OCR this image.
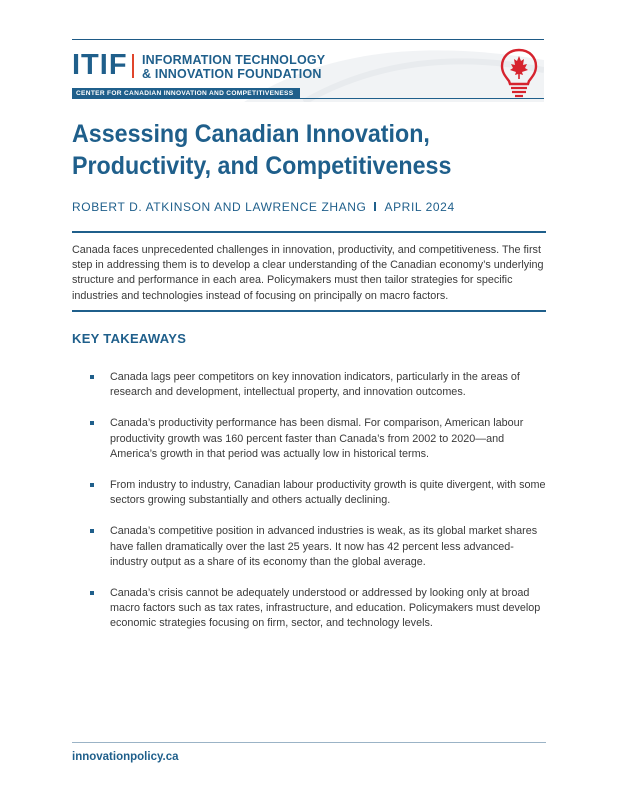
ITIF INFORMATION TECHNOLOGY
& INNOVATION FOUNDATION
CENTER FOR CANADIAN INNOVATION AND COMPETITIVENESS
Assessing Canadian Innovation,
Productivity, and Competitiveness
ROBERT D. ATKINSON AND LAWRENCE ZHANG APRIL 2024

Canada faces unprecedented challenges in innovation, productivity, and competitiveness. The first step in addressing them is to develop a clear understanding of the Canadian economy’s underlying structure and performance in each area. Policymakers must then tailor strategies for specific industries and technologies instead of focusing on principally on macro factors.

KEY TAKEAWAYS
Canada lags peer competitors on key innovation indicators, particularly in the areas of research and development, intellectual property, and innovation outcomes.
Canada’s productivity performance has been dismal. For comparison, American labour productivity growth was 160 percent faster than Canada’s from 2002 to 2020—and America’s growth in that period was actually low in historical terms.
From industry to industry, Canadian labour productivity growth is quite divergent, with some sectors growing substantially and others actually declining.
Canada’s competitive position in advanced industries is weak, as its global market shares have fallen dramatically over the last 25 years. It now has 42 percent less advanced-industry output as a share of its economy than the global average.
Canada’s crisis cannot be adequately understood or addressed by looking only at broad macro factors such as tax rates, infrastructure, and education. Policymakers must develop economic strategies focusing on firm, sector, and technology levels.
innovationpolicy.ca
